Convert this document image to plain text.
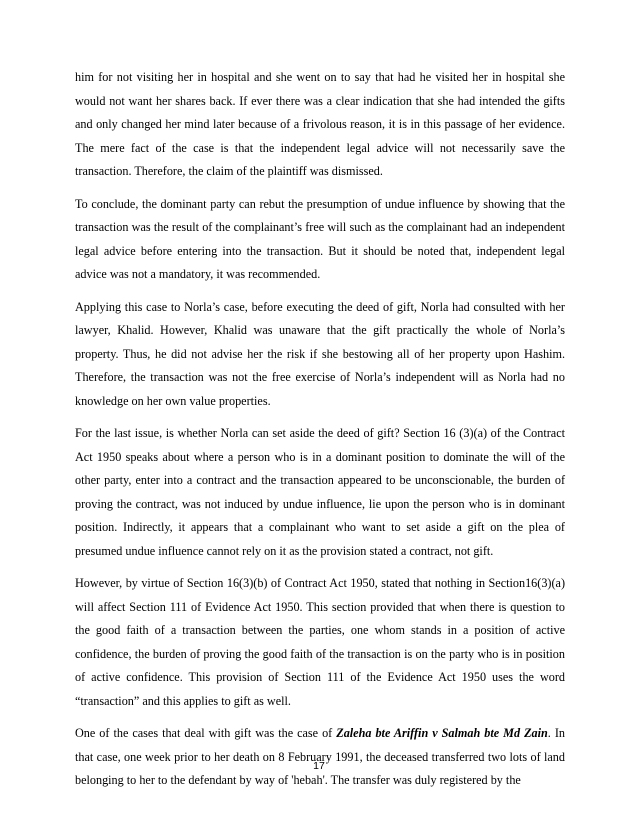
him for not visiting her in hospital and she went on to say that had he visited her in hospital she would not want her shares back. If ever there was a clear indication that she had intended the gifts and only changed her mind later because of a frivolous reason, it is in this passage of her evidence. The mere fact of the case is that the independent legal advice will not necessarily save the transaction. Therefore, the claim of the plaintiff was dismissed.

To conclude, the dominant party can rebut the presumption of undue influence by showing that the transaction was the result of the complainant’s free will such as the complainant had an independent legal advice before entering into the transaction. But it should be noted that, independent legal advice was not a mandatory, it was recommended.

Applying this case to Norla’s case, before executing the deed of gift, Norla had consulted with her lawyer, Khalid. However, Khalid was unaware that the gift practically the whole of Norla’s property. Thus, he did not advise her the risk if she bestowing all of her property upon Hashim. Therefore, the transaction was not the free exercise of Norla’s independent will as Norla had no knowledge on her own value properties.

For the last issue, is whether Norla can set aside the deed of gift? Section 16 (3)(a) of the Contract Act 1950 speaks about where a person who is in a dominant position to dominate the will of the other party, enter into a contract and the transaction appeared to be unconscionable, the burden of proving the contract, was not induced by undue influence, lie upon the person who is in dominant position. Indirectly, it appears that a complainant who want to set aside a gift on the plea of presumed undue influence cannot rely on it as the provision stated a contract, not gift.

However, by virtue of Section 16(3)(b) of Contract Act 1950, stated that nothing in Section16(3)(a) will affect Section 111 of Evidence Act 1950. This section provided that when there is question to the good faith of a transaction between the parties, one whom stands in a position of active confidence, the burden of proving the good faith of the transaction is on the party who is in position of active confidence. This provision of Section 111 of the Evidence Act 1950 uses the word “transaction” and this applies to gift as well.

One of the cases that deal with gift was the case of Zaleha bte Ariffin v Salmah bte Md Zain. In that case, one week prior to her death on 8 February 1991, the deceased transferred two lots of land belonging to her to the defendant by way of 'hebah'. The transfer was duly registered by the

17
